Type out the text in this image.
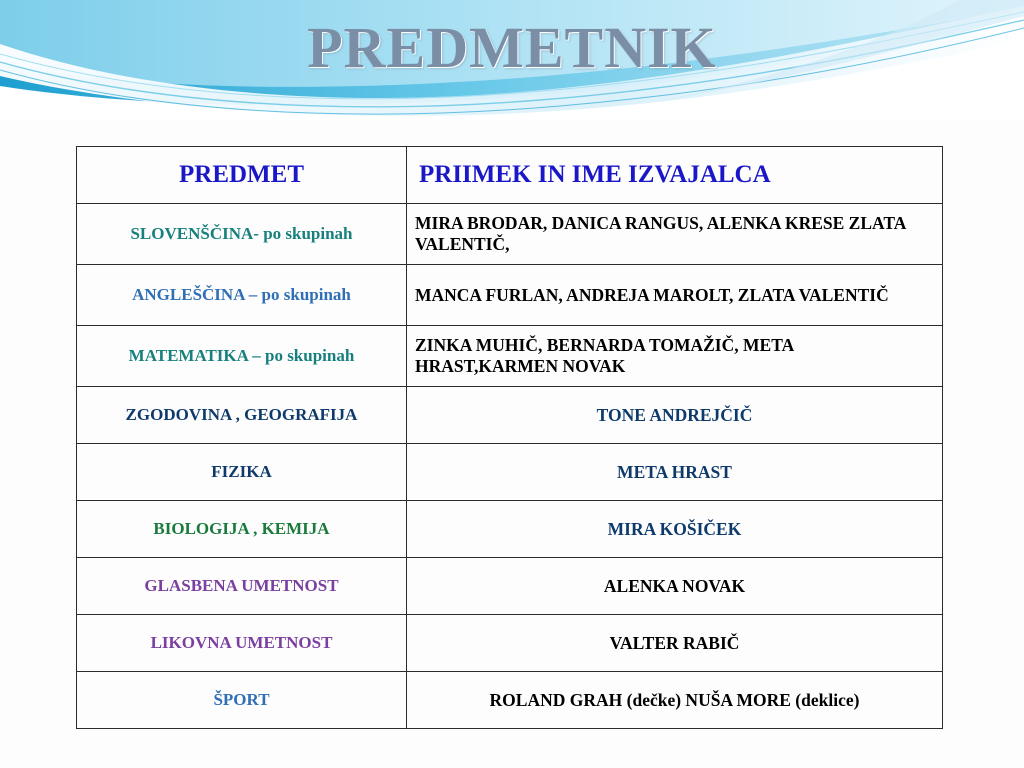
PREDMETNIK
PREDMET	PRIIMEK IN IME IZVAJALCA
SLOVENŠČINA- po skupinah	MIRA BRODAR, DANICA RANGUS, ALENKA KRESE ZLATA VALENTIČ,
ANGLEŠČINA – po skupinah	MANCA FURLAN, ANDREJA MAROLT, ZLATA VALENTIČ
MATEMATIKA – po skupinah	ZINKA MUHIČ, BERNARDA TOMAŽIČ, META HRAST,KARMEN NOVAK
ZGODOVINA , GEOGRAFIJA	TONE ANDREJČIČ
FIZIKA	META HRAST
BIOLOGIJA , KEMIJA	MIRA KOŠIČEK
GLASBENA UMETNOST	ALENKA NOVAK
LIKOVNA UMETNOST	VALTER RABIČ
ŠPORT	ROLAND GRAH (dečke) NUŠA MORE (deklice)
